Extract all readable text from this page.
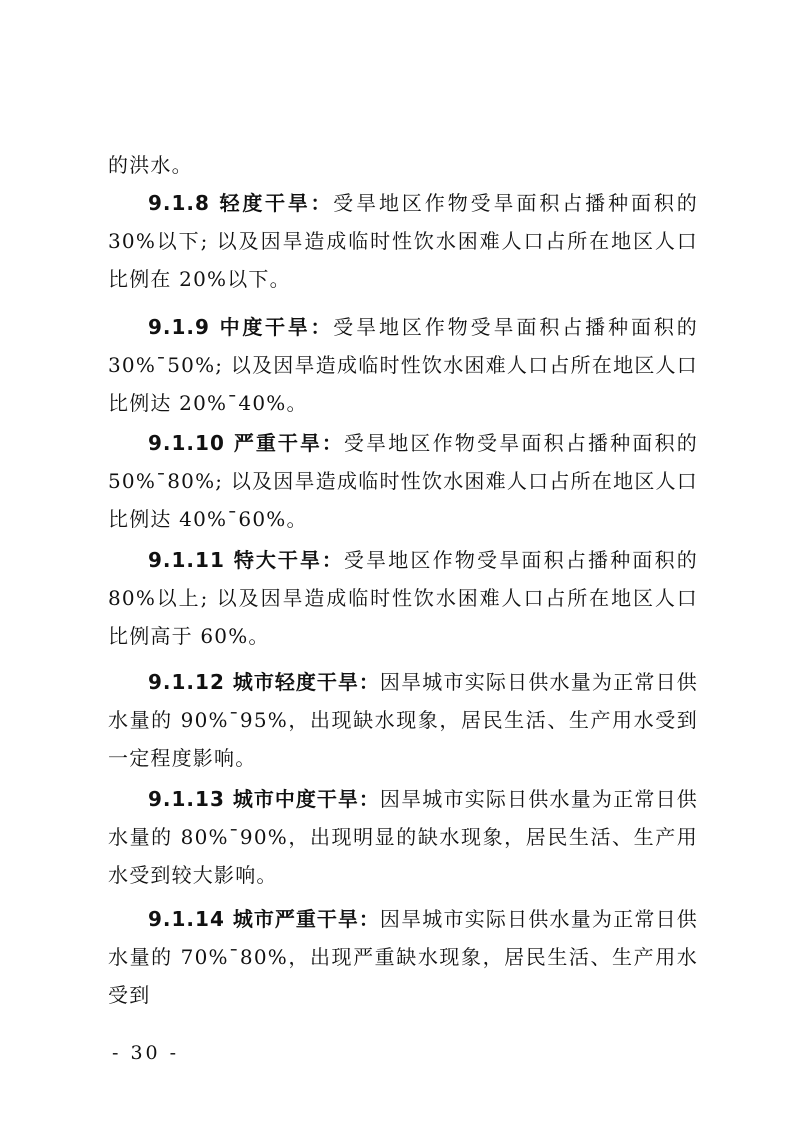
的洪水。

9.1.8 轻度干旱：受旱地区作物受旱面积占播种面积的 30%以下; 以及因旱造成临时性饮水困难人口占所在地区人口比例在 20%以下。

9.1.9 中度干旱：受旱地区作物受旱面积占播种面积的 30%¯50%; 以及因旱造成临时性饮水困难人口占所在地区人口比例达 20%¯40%。

9.1.10 严重干旱：受旱地区作物受旱面积占播种面积的 50%¯80%; 以及因旱造成临时性饮水困难人口占所在地区人口比例达 40%¯60%。

9.1.11 特大干旱：受旱地区作物受旱面积占播种面积的 80%以上; 以及因旱造成临时性饮水困难人口占所在地区人口比例高于 60%。

9.1.12 城市轻度干旱：因旱城市实际日供水量为正常日供水量的 90%¯95%，出现缺水现象，居民生活、生产用水受到一定程度影响。

9.1.13 城市中度干旱：因旱城市实际日供水量为正常日供水量的 80%¯90%，出现明显的缺水现象，居民生活、生产用水受到较大影响。

9.1.14 城市严重干旱：因旱城市实际日供水量为正常日供水量的 70%¯80%，出现严重缺水现象，居民生活、生产用水受到

- 30 -
